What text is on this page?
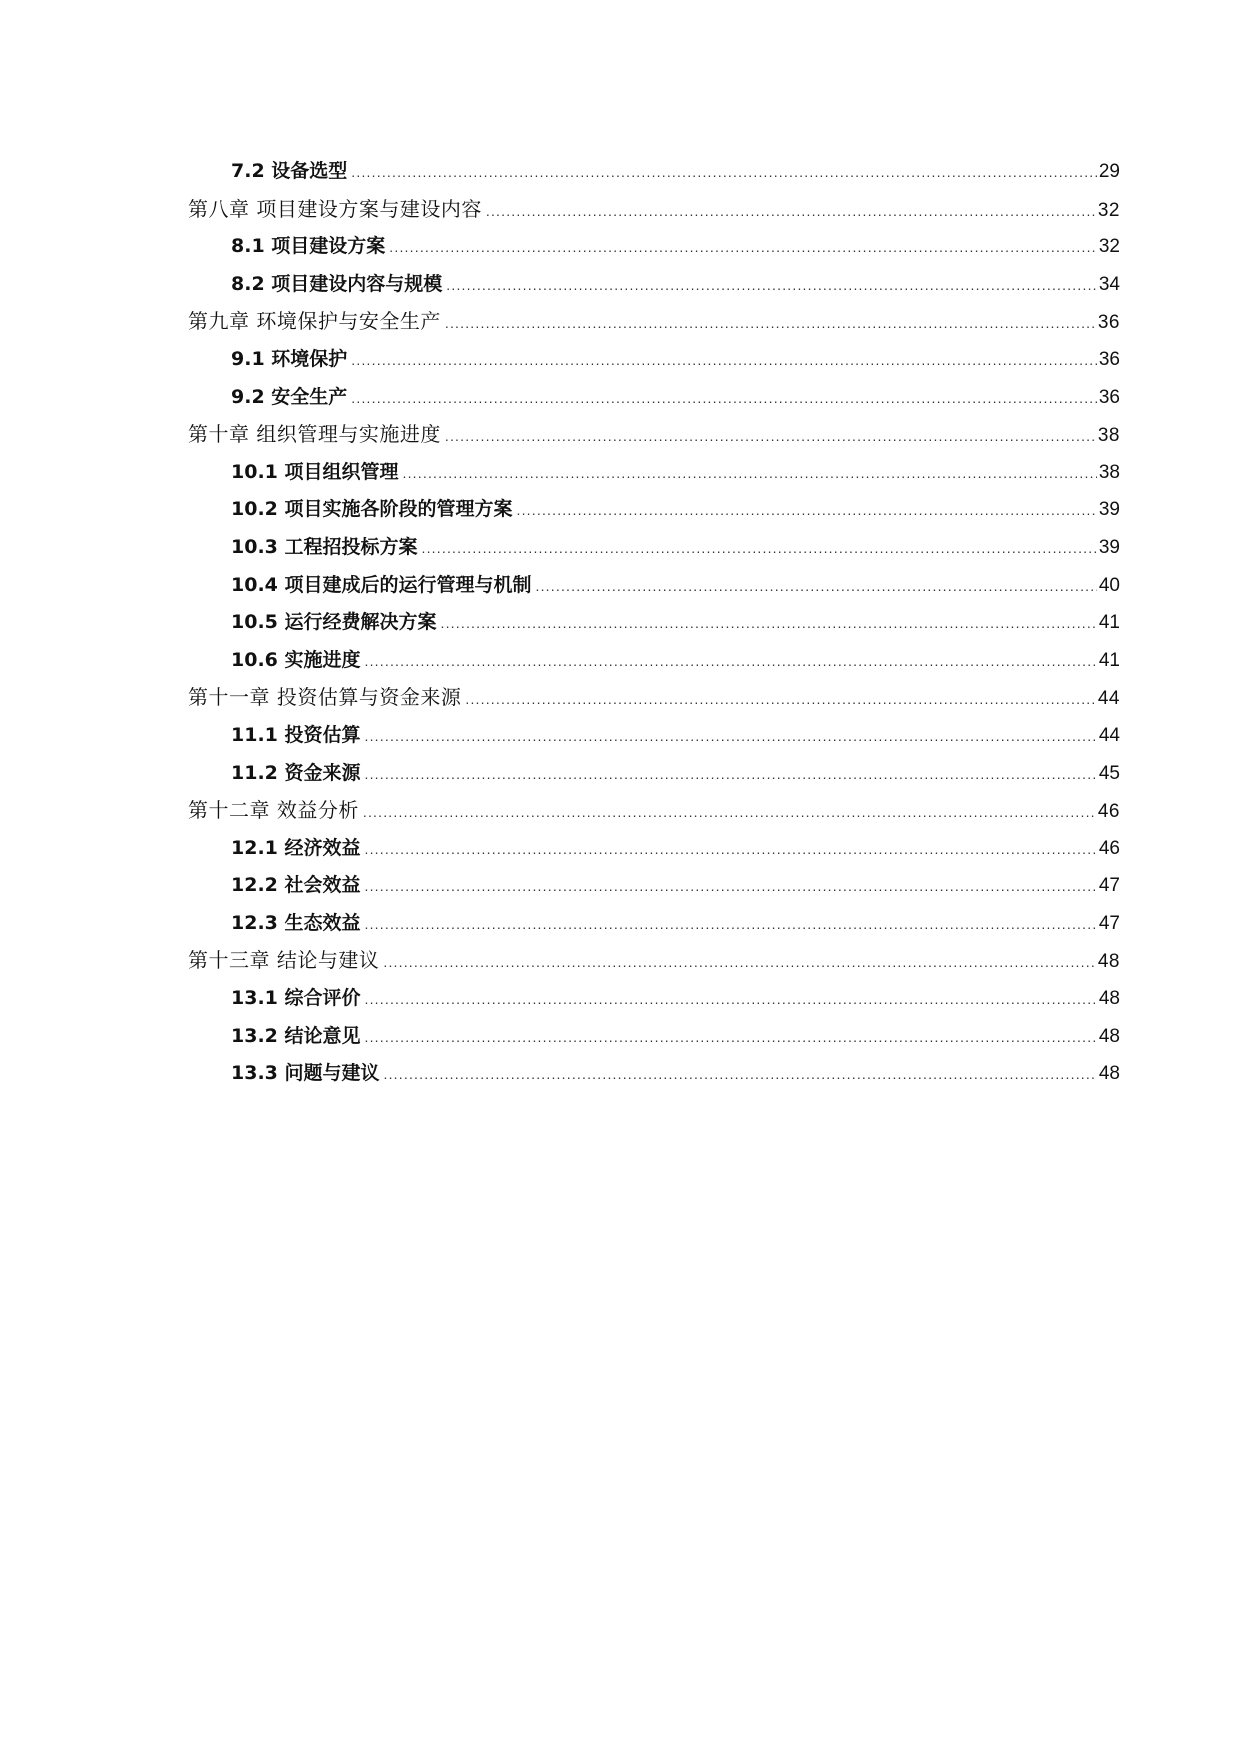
7.2 设备选型 .....	29
第八章 项目建设方案与建设内容 .....	32
8.1 项目建设方案 .....	32
8.2 项目建设内容与规模 .....	34
第九章 环境保护与安全生产 .....	36
9.1 环境保护 .....	36
9.2 安全生产 .....	36
第十章 组织管理与实施进度 .....	38
10.1 项目组织管理 .....	38
10.2 项目实施各阶段的管理方案 .....	39
10.3 工程招投标方案 .....	39
10.4 项目建成后的运行管理与机制 .....	40
10.5 运行经费解决方案 .....	41
10.6 实施进度 .....	41
第十一章 投资估算与资金来源 .....	44
11.1 投资估算 .....	44
11.2 资金来源 .....	45
第十二章 效益分析 .....	46
12.1 经济效益 .....	46
12.2 社会效益 .....	47
12.3 生态效益 .....	47
第十三章 结论与建议 .....	48
13.1 综合评价 .....	48
13.2 结论意见 .....	48
13.3 问题与建议 .....	48
